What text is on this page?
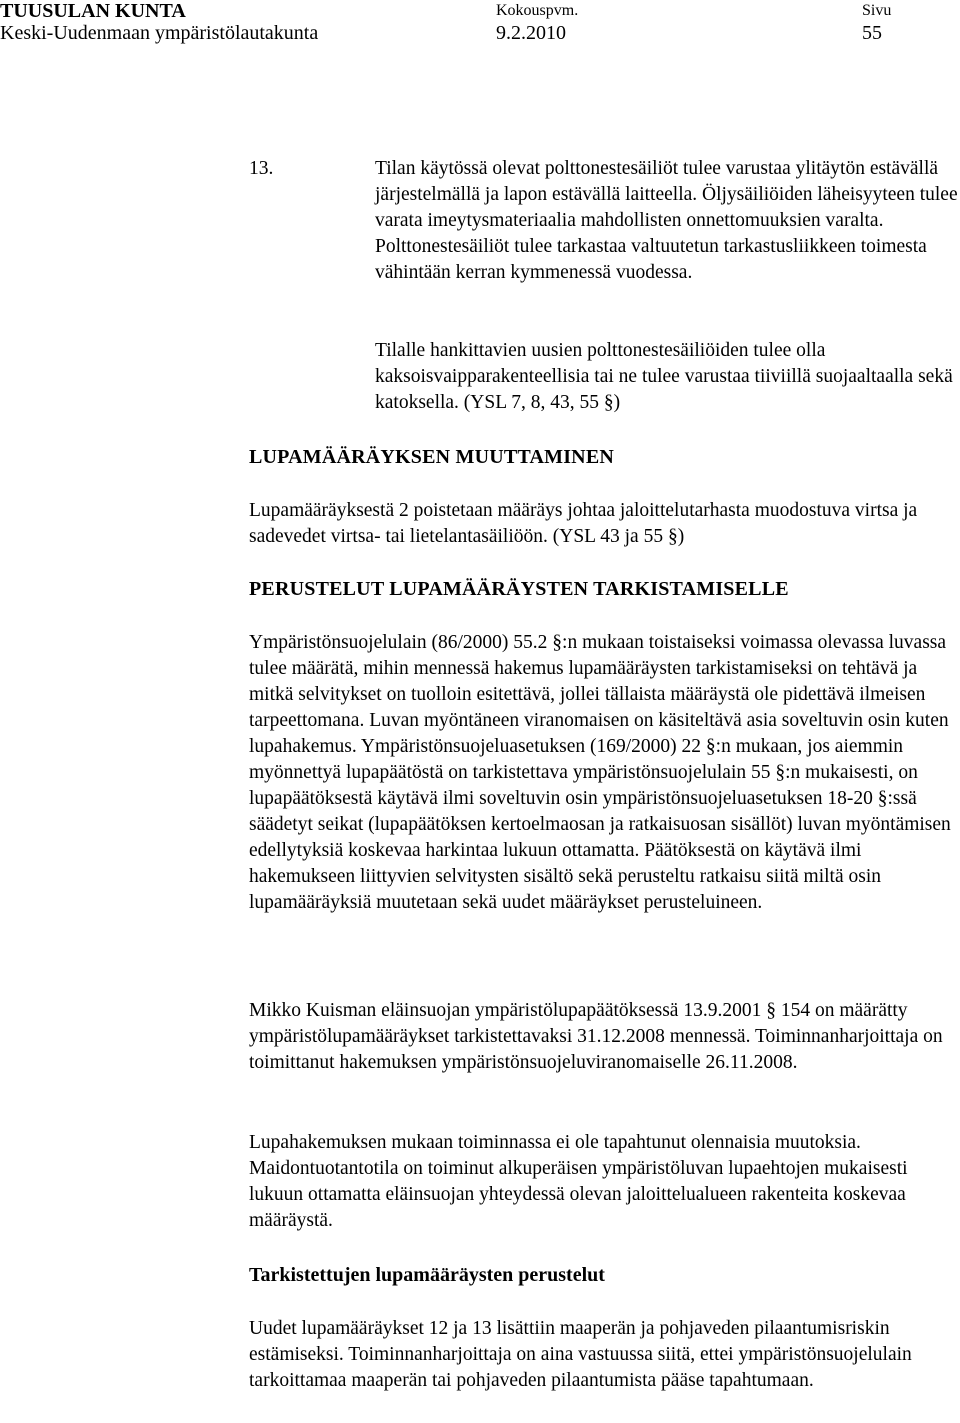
TUUSULAN KUNTA
Keski-Uudenmaan ympäristölautakunta
Kokouspvm.
9.2.2010
Sivu
55
13.	Tilan käytössä olevat polttonestesäiliöt tulee varustaa ylitäytön estävällä järjestelmällä ja lapon estävällä laitteella. Öljysäiliöiden läheisyyteen tulee varata imeytysmateriaalia mahdollisten onnettomuuksien varalta. Polttonestesäiliöt tulee tarkastaa valtuutetun tarkastusliikkeen toimesta vähintään kerran kymmenessä vuodessa.
Tilalle hankittavien uusien polttonestesäiliöiden tulee olla kaksoisvaipparakenteellisia tai ne tulee varustaa tiiviillä suojaaltaalla sekä katoksella. (YSL 7, 8, 43, 55 §)
LUPAMÄÄRÄYKSEN MUUTTAMINEN
Lupamääräyksestä 2 poistetaan määräys johtaa jaloittelutarhasta muodostuva virtsa ja sadevedet virtsa- tai lietelantasäiliöön. (YSL 43 ja 55 §)
PERUSTELUT LUPAMÄÄRÄYSTEN TARKISTAMISELLE
Ympäristönsuojelulain (86/2000) 55.2 §:n mukaan toistaiseksi voimassa olevassa luvassa tulee määrätä, mihin mennessä hakemus lupamääräysten tarkistamiseksi on tehtävä ja mitkä selvitykset on tuolloin esitettävä, jollei tällaista määräystä ole pidettävä ilmeisen tarpeettomana. Luvan myöntäneen viranomaisen on käsiteltävä asia soveltuvin osin kuten lupahakemus. Ympäristönsuojeluasetuksen (169/2000) 22 §:n mukaan, jos aiemmin myönnettyä lupapäätöstä on tarkistettava ympäristönsuojelulain 55 §:n mukaisesti, on lupapäätöksestä käytävä ilmi soveltuvin osin ympäristönsuojeluasetuksen 18-20 §:ssä säädetyt seikat (lupapäätöksen kertoelmaosan ja ratkaisuosan sisällöt) luvan myöntämisen edellytyksiä koskevaa harkintaa lukuun ottamatta. Päätöksestä on käytävä ilmi hakemukseen liittyvien selvitysten sisältö sekä perusteltu ratkaisu siitä miltä osin lupamääräyksiä muutetaan sekä uudet määräykset perusteluineen.
Mikko Kuisman eläinsuojan ympäristölupapäätöksessä 13.9.2001 § 154 on määrätty ympäristölupamääräykset tarkistettavaksi 31.12.2008 mennessä. Toiminnanharjoittaja on toimittanut hakemuksen ympäristönsuojeluviranomaiselle 26.11.2008.
Lupahakemuksen mukaan toiminnassa ei ole tapahtunut olennaisia muutoksia. Maidontuotantotila on toiminut alkuperäisen ympäristöluvan lupaehtojen mukaisesti lukuun ottamatta eläinsuojan yhteydessä olevan jaloittelualueen rakenteita koskevaa määräystä.
Tarkistettujen lupamääräysten perustelut
Uudet lupamääräykset 12 ja 13 lisättiin maaperän ja pohjaveden pilaantumisriskin estämiseksi. Toiminnanharjoittaja on aina vastuussa siitä, ettei ympäristönsuojelulain tarkoittamaa maaperän tai pohjaveden pilaantumista pääse tapahtumaan.
